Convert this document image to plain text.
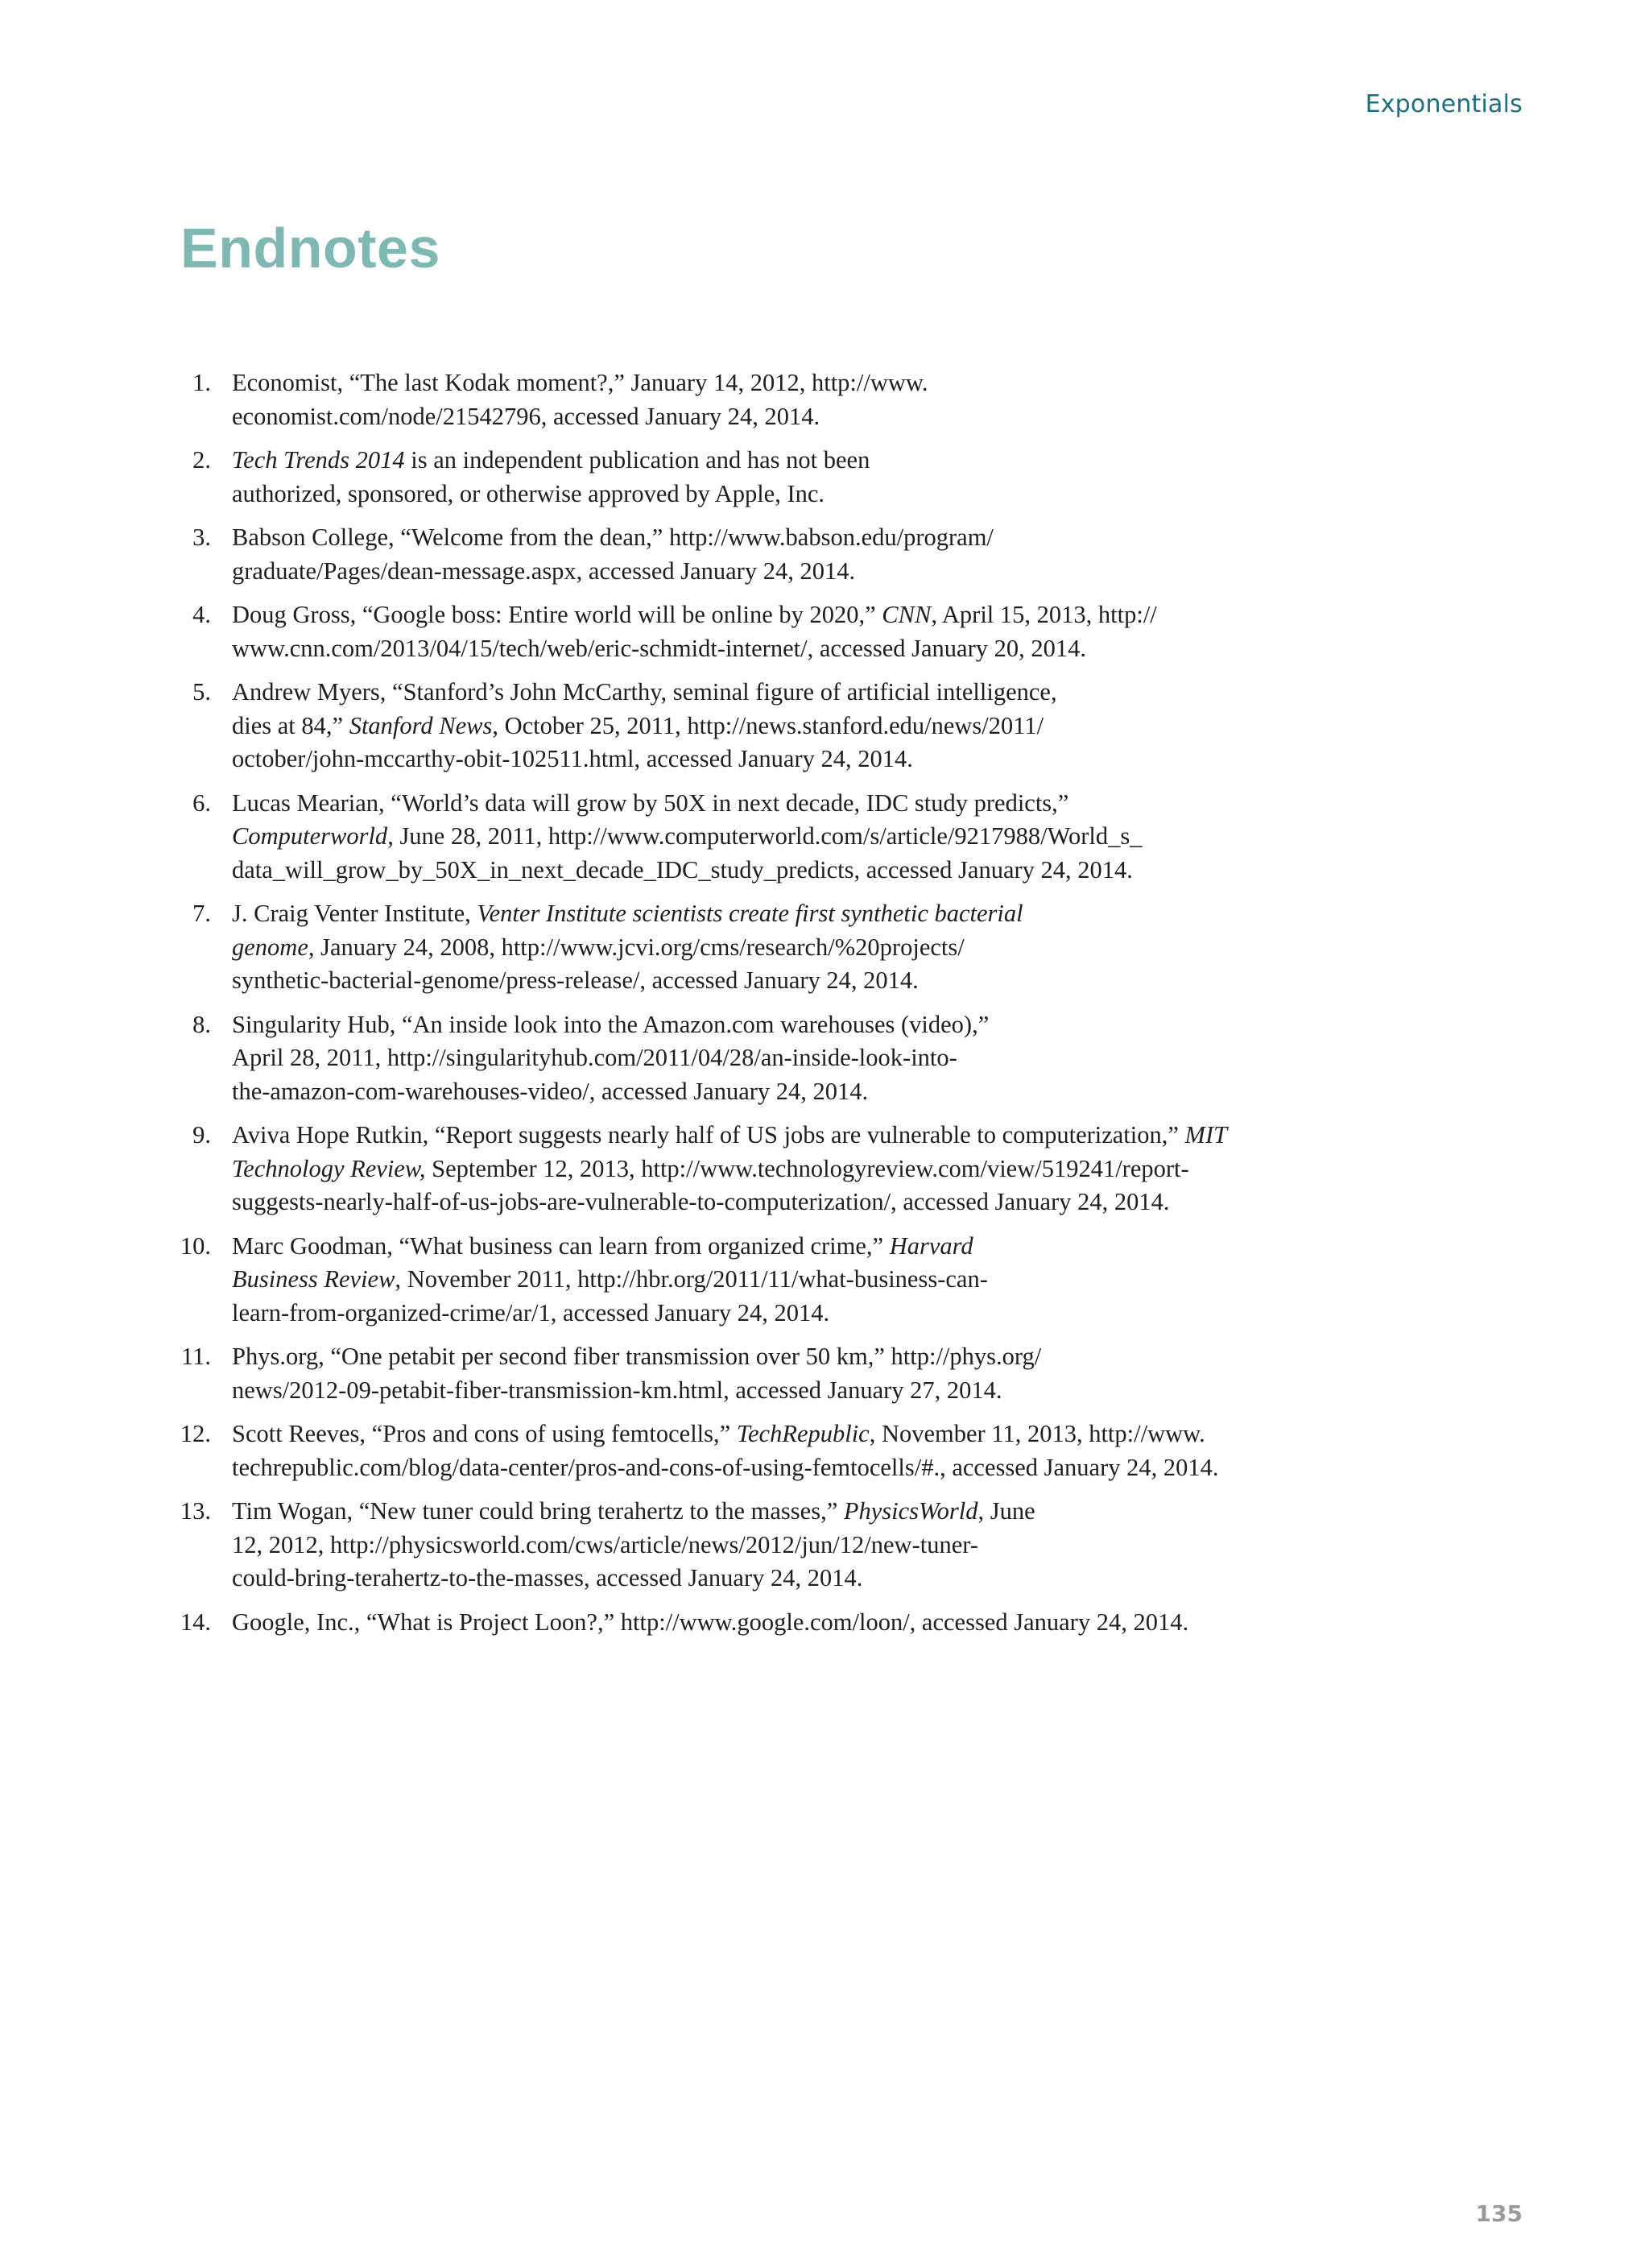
Exponentials
Endnotes
1. Economist, “The last Kodak moment?,” January 14, 2012, http://www.
economist.com/node/21542796, accessed January 24, 2014.
2. Tech Trends 2014 is an independent publication and has not been
authorized, sponsored, or otherwise approved by Apple, Inc.
3. Babson College, “Welcome from the dean,” http://www.babson.edu/program/
graduate/Pages/dean-message.aspx, accessed January 24, 2014.
4. Doug Gross, “Google boss: Entire world will be online by 2020,” CNN, April 15, 2013, http://
www.cnn.com/2013/04/15/tech/web/eric-schmidt-internet/, accessed January 20, 2014.
5. Andrew Myers, “Stanford’s John McCarthy, seminal figure of artificial intelligence,
dies at 84,” Stanford News, October 25, 2011, http://news.stanford.edu/news/2011/
october/john-mccarthy-obit-102511.html, accessed January 24, 2014.
6. Lucas Mearian, “World’s data will grow by 50X in next decade, IDC study predicts,”
Computerworld, June 28, 2011, http://www.computerworld.com/s/article/9217988/World_s_
data_will_grow_by_50X_in_next_decade_IDC_study_predicts, accessed January 24, 2014.
7. J. Craig Venter Institute, Venter Institute scientists create first synthetic bacterial
genome, January 24, 2008, http://www.jcvi.org/cms/research/%20projects/
synthetic-bacterial-genome/press-release/, accessed January 24, 2014.
8. Singularity Hub, “An inside look into the Amazon.com warehouses (video),”
April 28, 2011, http://singularityhub.com/2011/04/28/an-inside-look-into-
the-amazon-com-warehouses-video/, accessed January 24, 2014.
9. Aviva Hope Rutkin, “Report suggests nearly half of US jobs are vulnerable to computerization,” MIT
Technology Review, September 12, 2013, http://www.technologyreview.com/view/519241/report-
suggests-nearly-half-of-us-jobs-are-vulnerable-to-computerization/, accessed January 24, 2014.
10. Marc Goodman, “What business can learn from organized crime,” Harvard
Business Review, November 2011, http://hbr.org/2011/11/what-business-can-
learn-from-organized-crime/ar/1, accessed January 24, 2014.
11. Phys.org, “One petabit per second fiber transmission over 50 km,” http://phys.org/
news/2012-09-petabit-fiber-transmission-km.html, accessed January 27, 2014.
12. Scott Reeves, “Pros and cons of using femtocells,” TechRepublic, November 11, 2013, http://www.
techrepublic.com/blog/data-center/pros-and-cons-of-using-femtocells/#., accessed January 24, 2014.
13. Tim Wogan, “New tuner could bring terahertz to the masses,” PhysicsWorld, June
12, 2012, http://physicsworld.com/cws/article/news/2012/jun/12/new-tuner-
could-bring-terahertz-to-the-masses, accessed January 24, 2014.
14. Google, Inc., “What is Project Loon?,” http://www.google.com/loon/, accessed January 24, 2014.
135
